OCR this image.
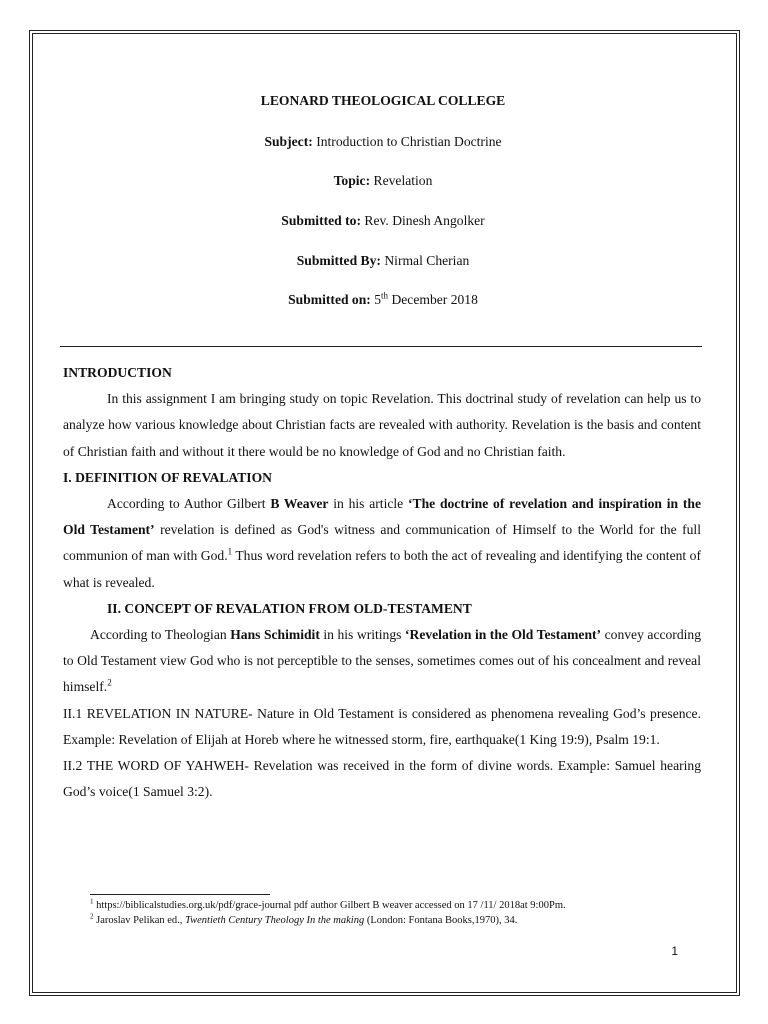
LEONARD THEOLOGICAL COLLEGE

Subject: Introduction to Christian Doctrine

Topic: Revelation

Submitted to: Rev. Dinesh Angolker

Submitted By: Nirmal Cherian

Submitted on: 5th December 2018

INTRODUCTION

In this assignment I am bringing study on topic Revelation. This doctrinal study of revelation can help us to analyze how various knowledge about Christian facts are revealed with authority. Revelation is the basis and content of Christian faith and without it there would be no knowledge of God and no Christian faith.

I. DEFINITION OF REVALATION

According to Author Gilbert B Weaver in his article ‘The doctrine of revelation and inspiration in the Old Testament’ revelation is defined as God's witness and communication of Himself to the World for the full communion of man with God.$^1$ Thus word revelation refers to both the act of revealing and identifying the content of what is revealed.

II. CONCEPT OF REVALATION FROM OLD-TESTAMENT

According to Theologian Hans Schimidit in his writings ‘Revelation in the Old Testament’ convey according to Old Testament view God who is not perceptible to the senses, sometimes comes out of his concealment and reveal himself.$^2$

II.1 REVELATION IN NATURE- Nature in Old Testament is considered as phenomena revealing God’s presence. Example: Revelation of Elijah at Horeb where he witnessed storm, fire, earthquake(1 King 19:9), Psalm 19:1.

II.2 THE WORD OF YAHWEH- Revelation was received in the form of divine words. Example: Samuel hearing God’s voice(1 Samuel 3:2).

$^1$ https://biblicalstudies.org.uk/pdf/grace-journal pdf author Gilbert B weaver accessed on 17 /11/ 2018at 9:00Pm.

$^2$ Jaroslav Pelikan ed., Twentieth Century Theology In the making (London: Fontana Books,1970), 34.

1
